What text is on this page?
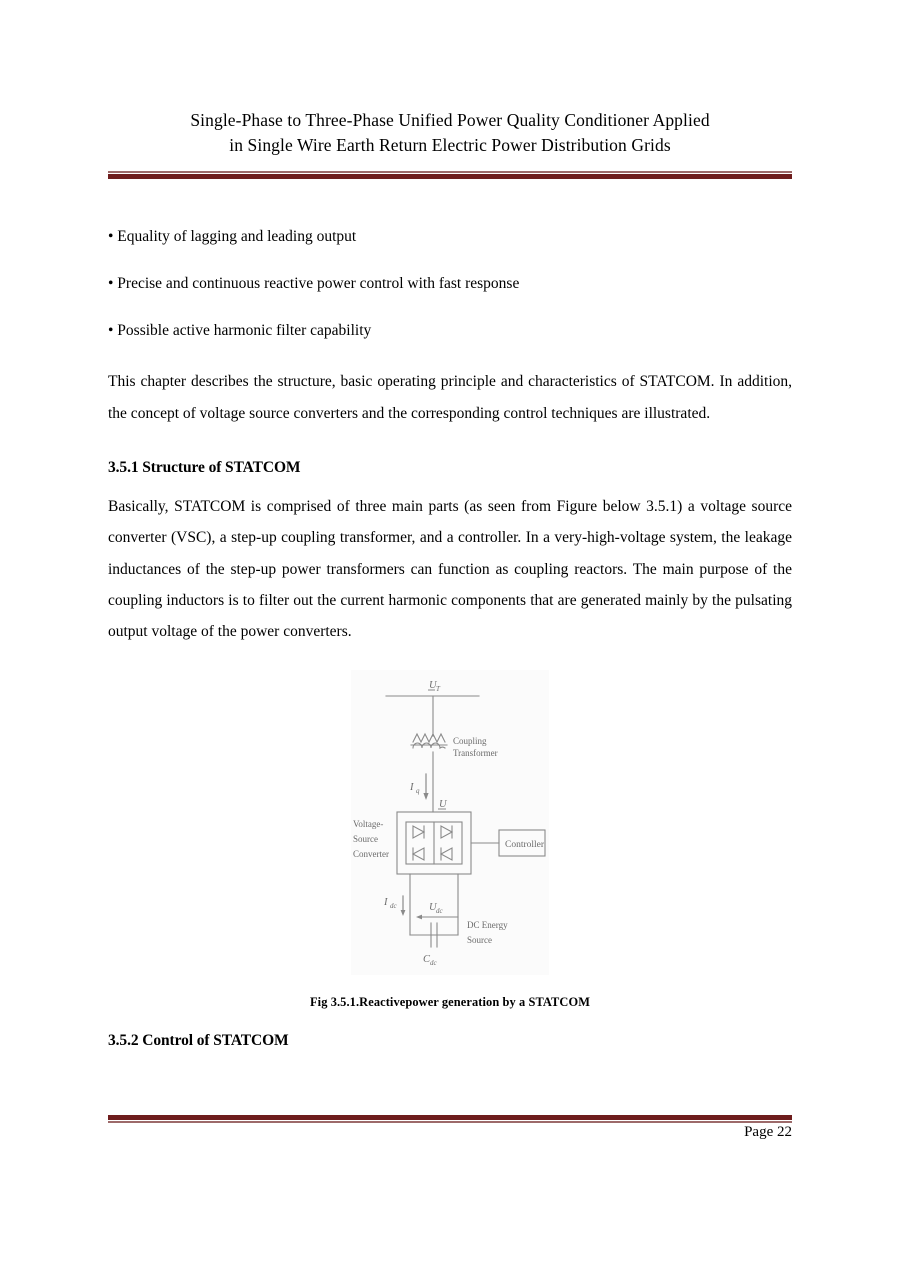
Single-Phase to Three-Phase Unified Power Quality Conditioner Applied
in Single Wire Earth Return Electric Power Distribution Grids
• Equality of lagging and leading output
• Precise and continuous reactive power control with fast response
• Possible active harmonic filter capability

This chapter describes the structure, basic operating principle and characteristics of STATCOM. In addition, the concept of voltage source converters and the corresponding control techniques are illustrated.

3.5.1 Structure of STATCOM

Basically, STATCOM is comprised of three main parts (as seen from Figure below 3.5.1) a voltage source converter (VSC), a step-up coupling transformer, and a controller. In a very-high-voltage system, the leakage inductances of the step-up power transformers can function as coupling reactors. The main purpose of the coupling inductors is to filter out the current harmonic components that are generated mainly by the pulsating output voltage of the power converters.

U T
Coupling
Transformer
I q
U
Voltage-
Source
Converter
Controller
I dc	U dc
DC Energy
Source
C dc
Fig 3.5.1.Reactivepower generation by a STATCOM

3.5.2 Control of STATCOM

Page 22
